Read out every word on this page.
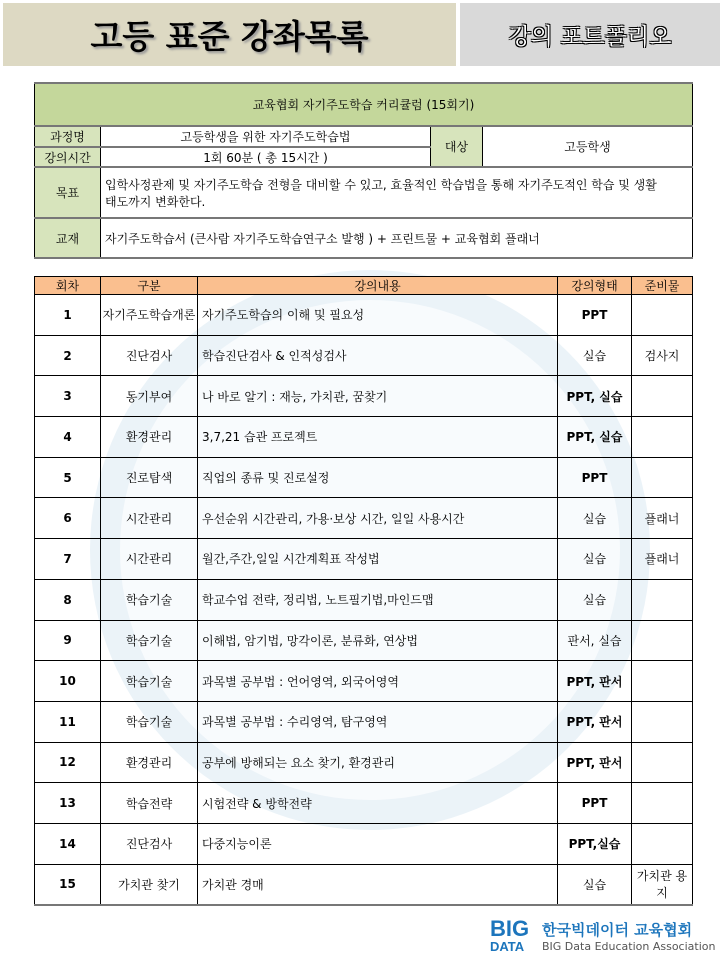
고등 표준 강좌목록	강의 포트폴리오
교육협회 자기주도학습 커리큘럼 (15회기)			
과정명	고등학생을 위한 자기주도학습법	대상	고등학생
강의시간	1회 60분 ( 총 15시간 )		
목표	입학사정관제 및 자기주도학습 전형을 대비할 수 있고, 효율적인 학습법을 통해 자기주도적인 학습 및 생활태도까지 변화한다.		
교재	자기주도학습서 (큰사람 자기주도학습연구소 발행 ) + 프린트물 + 교육협회 플래너		
회차	구분	강의내용	강의형태	준비물
1	자기주도학습개론	자기주도학습의 이해 및 필요성	PPT	
2	진단검사	학습진단검사 & 인적성검사	실습	검사지
3	동기부여	나 바로 알기 : 재능, 가치관, 꿈찾기	PPT, 실습	
4	환경관리	3,7,21 습관 프로젝트	PPT, 실습	
5	진로탐색	직업의 종류 및 진로설정	PPT	
6	시간관리	우선순위 시간관리, 가용·보상 시간, 일일 사용시간	실습	플래너
7	시간관리	월간,주간,일일 시간계획표 작성법	실습	플래너
8	학습기술	학교수업 전략, 정리법, 노트필기법,마인드맵	실습	
9	학습기술	이해법, 암기법, 망각이론, 분류화, 연상법	판서, 실습	
10	학습기술	과목별 공부법 : 언어영역, 외국어영역	PPT, 판서	
11	학습기술	과목별 공부법 : 수리영역, 탐구영역	PPT, 판서	
12	환경관리	공부에 방해되는 요소 찾기, 환경관리	PPT, 판서	
13	학습전략	시험전략 & 방학전략	PPT	
14	진단검사	다중지능이론	PPT,실습	
15	가치관 찾기	가치관 경매	실습	가치관 용지
BIG
DATA
한국빅데이터 교육협회
BIG Data Education Association
